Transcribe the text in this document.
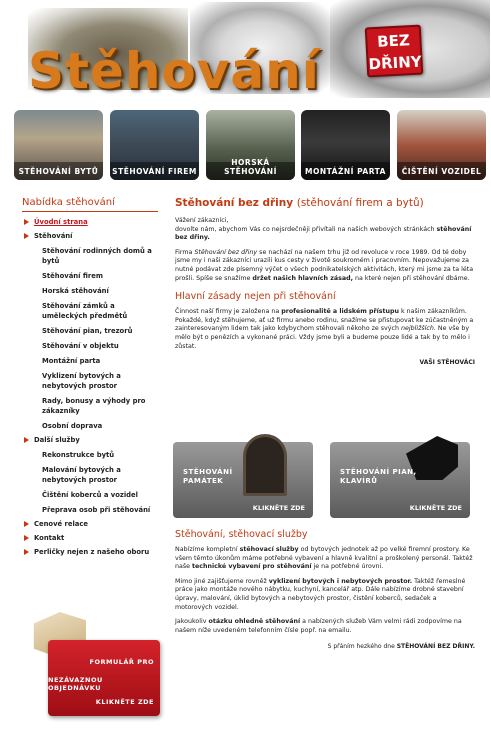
Stěhování
BEZ
DŘINY
STĚHOVÁNÍ BYTŮ	STĚHOVÁNÍ FIREM
HORSKÁ STĚHOVÁNÍ	MONTÁŽNÍ PARTA	ČIŠTĚNÍ VOZIDEL
Nabídka stěhování
Úvodní strana
Stěhování
Stěhování rodinných domů a bytů
Stěhování firem
Horská stěhování
Stěhování zámků a uměleckých předmětů
Stěhování pian, trezorů
Stěhování v objektu
Montážní parta
Vyklizení bytových a nebytových prostor
Rady, bonusy a výhody pro zákazníky
Osobní doprava
Další služby
Rekonstrukce bytů
Malování bytových a nebytových prostor
Čištění koberců a vozidel
Přeprava osob při stěhování
Cenové relace
Kontakt
Perličky nejen z našeho oboru
FORMULÁŘ PRO
NEZÁVAZNOU OBJEDNÁVKU
KLIKNĚTE ZDE
Stěhování bez dřiny (stěhování firem a bytů)
Vážení zákazníci,
dovolte nám, abychom Vás co nejsrdečněji přivítali na našich webových stránkách stěhování bez dřiny.
Firma Stěhování bez dřiny se nachází na našem trhu již od revoluce v roce 1989. Od té doby jsme my i naši zákazníci urazili kus cesty v životě soukromém i pracovním. Nepovažujeme za nutné podávat zde písemný výčet o všech podnikatelských aktivitách, který mi jsme za ta léta prošli. Spíše se snažíme držet našich hlavních zásad, na které nejen při stěhování dbáme.
Hlavní zásady nejen při stěhování
Činnost naší firmy je založena na profesionalitě a lidském přístupu k našim zákazníkům. Pokaždé, když stěhujeme, ať už firmu anebo rodinu, snažíme se přistupovat ke zúčastněným a zainteresovaným lidem tak jako kdybychom stěhovali někoho ze svých nejbližších. Ne vše by mělo být o penězích a vykonané práci. Vždy jsme byli a budeme pouze lidé a tak by to mělo i zůstat.
VAŠI STĚHOVÁCI
STĚHOVÁNÍ
PAMÁTEK
KLIKNĚTE ZDE
STĚHOVÁNÍ PIAN,
KLAVÍRŮ
KLIKNĚTE ZDE
Stěhování, stěhovací služby
Nabízíme kompletní stěhovací služby od bytových jednotek až po velké firemní prostory. Ke všem těmto úkonům máme potřebné vybavení a hlavně kvalitní a proškolený personál. Taktéž naše technické vybavení pro stěhování je na potřebné úrovni.
Mimo jiné zajišťujeme rovněž vyklizení bytových i nebytových prostor. Taktéž řemeslné práce jako montáže nového nábytku, kuchyní, kancelář atp. Dále nabízíme drobné stavební úpravy, malování, úklid bytových a nebytových prostor, čistění koberců, sedaček a motorových vozidel.
Jakoukoliv otázku ohledně stěhování a nabízených služeb Vám velmi rádi zodpovíme na našem níže uvedeném telefonním čísle popř. na emailu.
S přáním hezkého dne STĚHOVÁNÍ BEZ DŘINY.
